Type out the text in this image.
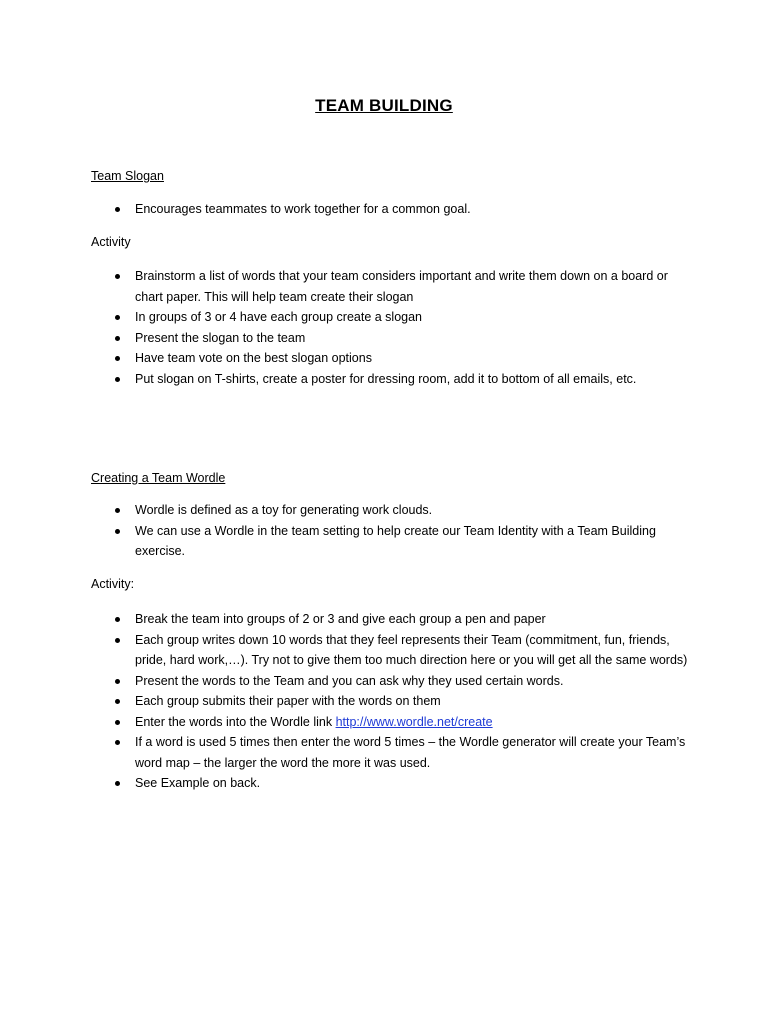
TEAM BUILDING
Team Slogan
Encourages teammates to work together for a common goal.
Activity
Brainstorm a list of words that your team considers important and write them down on a board or chart paper. This will help team create their slogan
In groups of 3 or 4 have each group create a slogan
Present the slogan to the team
Have team vote on the best slogan options
Put slogan on T-shirts, create a poster for dressing room, add it to bottom of all emails, etc.
Creating a Team Wordle
Wordle is defined as a toy for generating work clouds.
We can use a Wordle in the team setting to help create our Team Identity with a Team Building exercise.
Activity:
Break the team into groups of 2 or 3 and give each group a pen and paper
Each group writes down 10 words that they feel represents their Team (commitment, fun, friends, pride, hard work,…). Try not to give them too much direction here or you will get all the same words)
Present the words to the Team and you can ask why they used certain words.
Each group submits their paper with the words on them
Enter the words into the Wordle link http://www.wordle.net/create
If a word is used 5 times then enter the word 5 times – the Wordle generator will create your Team’s word map – the larger the word the more it was used.
See Example on back.
